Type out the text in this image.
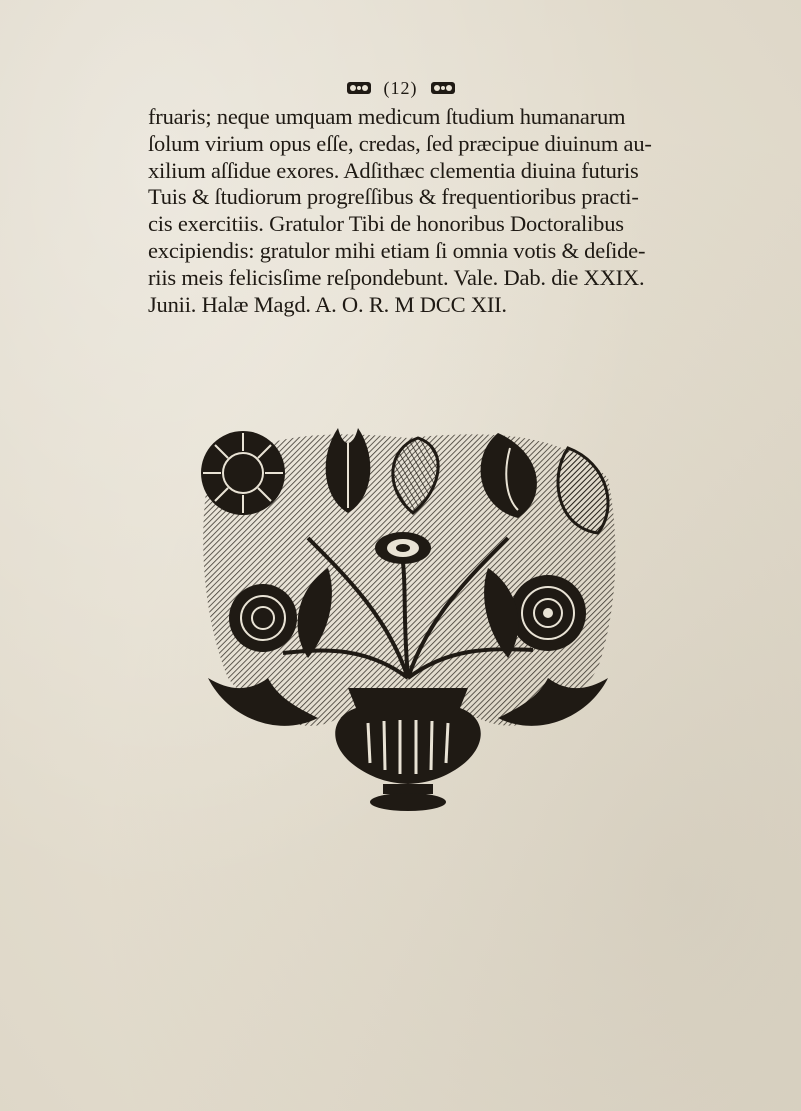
(12)
fruaris; neque umquam medicum ſtudium humanarum
ſolum virium opus eſſe, credas, ſed præcipue diuinum au-
xilium aſſidue exores. Adſithæc clementia diuina futuris
Tuis & ſtudiorum progreſſibus & frequentioribus practi-
cis exercitiis. Gratulor Tibi de honoribus Doctoralibus
excipiendis: gratulor mihi etiam ſi omnia votis & deſide-
riis meis felicisſime reſpondebunt. Vale. Dab. die XXIX.
Junii. Halæ Magd. A. O. R. M DCC XII.
